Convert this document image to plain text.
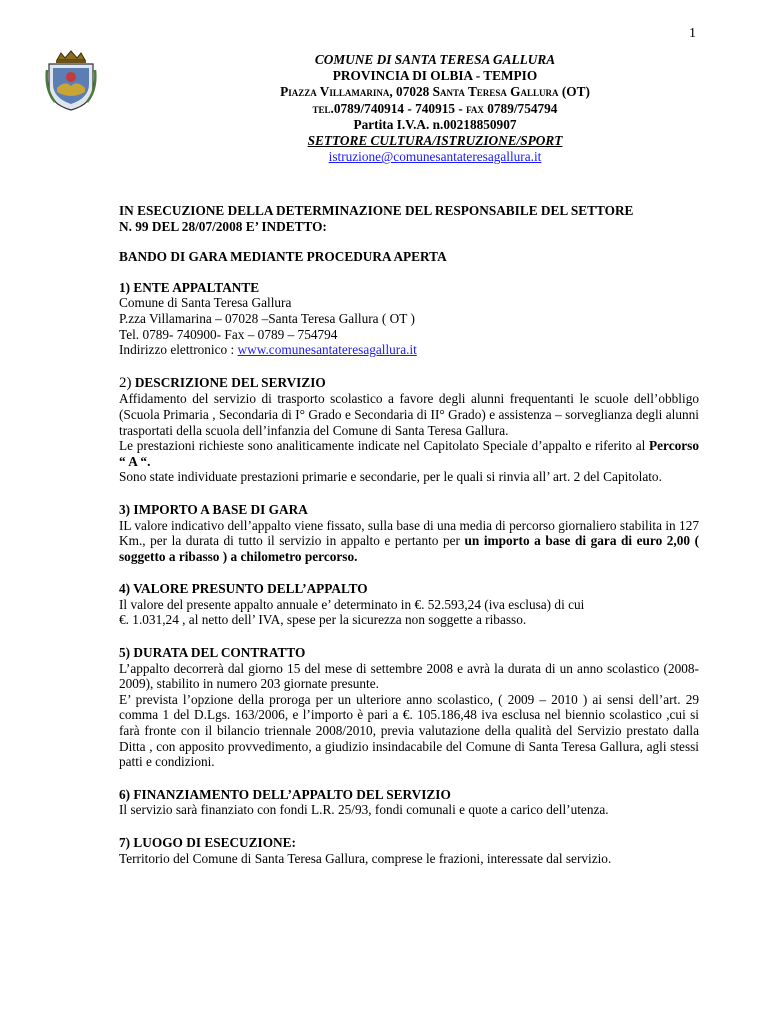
1
COMUNE DI SANTA TERESA GALLURA
PROVINCIA DI OLBIA - TEMPIO
Piazza Villamarina, 07028 Santa Teresa Gallura (OT)
tel.0789/740914 - 740915 - fax 0789/754794
Partita I.V.A. n.00218850907
SETTORE CULTURA/ISTRUZIONE/SPORT
istruzione@comunesantateresagallura.it

IN ESECUZIONE DELLA DETERMINAZIONE DEL RESPONSABILE DEL SETTORE

N. 99 DEL 28/07/2008 E’ INDETTO:

BANDO DI GARA MEDIANTE PROCEDURA APERTA

1) ENTE APPALTANTE

Comune di Santa Teresa Gallura

P.zza Villamarina – 07028 –Santa Teresa Gallura ( OT )

Tel. 0789- 740900- Fax – 0789 – 754794

Indirizzo elettronico : www.comunesantateresagallura.it

2) DESCRIZIONE DEL SERVIZIO

Affidamento del servizio di trasporto scolastico a favore degli alunni frequentanti le scuole dell’obbligo (Scuola Primaria , Secondaria di I° Grado e Secondaria di II° Grado) e assistenza – sorveglianza degli alunni trasportati della scuola dell’infanzia del Comune di Santa Teresa Gallura.

Le prestazioni richieste sono analiticamente indicate nel Capitolato Speciale d’appalto e riferito al Percorso “ A “.

Sono state individuate prestazioni primarie e secondarie, per le quali si rinvia all’ art. 2 del Capitolato.

3) IMPORTO A BASE DI GARA

IL valore indicativo dell’appalto viene fissato, sulla base di una media di percorso giornaliero stabilita in 127 Km., per la durata di tutto il servizio in appalto e pertanto per un importo a base di gara di euro 2,00 ( soggetto a ribasso ) a chilometro percorso.

4) VALORE PRESUNTO DELL’APPALTO

Il valore del presente appalto annuale e’ determinato in €. 52.593,24 (iva esclusa) di cui

€. 1.031,24 , al netto dell’ IVA, spese per la sicurezza non soggette a ribasso.

5) DURATA DEL CONTRATTO

L’appalto decorrerà dal giorno 15 del mese di settembre 2008 e avrà la durata di un anno scolastico (2008-2009), stabilito in numero 203 giornate presunte.

E’ prevista l’opzione della proroga per un ulteriore anno scolastico, ( 2009 – 2010 ) ai sensi dell’art. 29 comma 1 del D.Lgs. 163/2006, e l’importo è pari a €. 105.186,48 iva esclusa nel biennio scolastico ,cui si farà fronte con il bilancio triennale 2008/2010, previa valutazione della qualità del Servizio prestato dalla Ditta , con apposito provvedimento, a giudizio insindacabile del Comune di Santa Teresa Gallura, agli stessi patti e condizioni.

6) FINANZIAMENTO DELL’APPALTO DEL SERVIZIO

Il servizio sarà finanziato con fondi L.R. 25/93, fondi comunali e quote a carico dell’utenza.

7) LUOGO DI ESECUZIONE:

Territorio del Comune di Santa Teresa Gallura, comprese le frazioni, interessate dal servizio.
